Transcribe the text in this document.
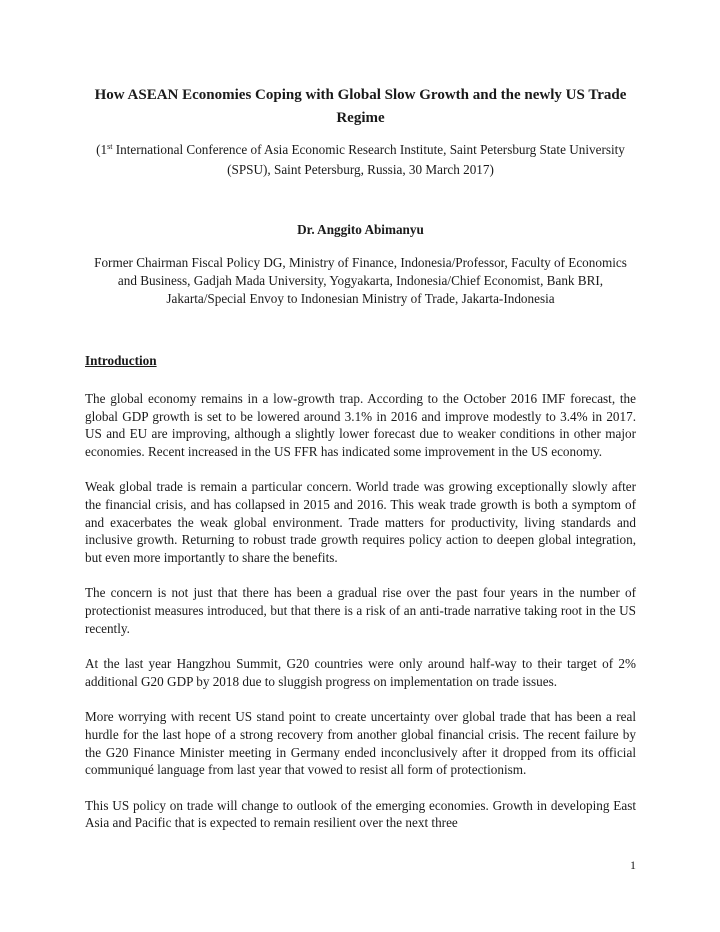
How ASEAN Economies Coping with Global Slow Growth and the newly US Trade Regime

(1st International Conference of Asia Economic Research Institute, Saint Petersburg State University (SPSU), Saint Petersburg, Russia, 30 March 2017)

Dr. Anggito Abimanyu

Former Chairman Fiscal Policy DG, Ministry of Finance, Indonesia/Professor, Faculty of Economics and Business, Gadjah Mada University, Yogyakarta, Indonesia/Chief Economist, Bank BRI, Jakarta/Special Envoy to Indonesian Ministry of Trade, Jakarta-Indonesia

Introduction

The global economy remains in a low-growth trap. According to the October 2016 IMF forecast, the global GDP growth is set to be lowered around 3.1% in 2016 and improve modestly to 3.4% in 2017. US and EU are improving, although a slightly lower forecast due to weaker conditions in other major economies. Recent increased in the US FFR has indicated some improvement in the US economy.

Weak global trade is remain a particular concern. World trade was growing exceptionally slowly after the financial crisis, and has collapsed in 2015 and 2016. This weak trade growth is both a symptom of and exacerbates the weak global environment. Trade matters for productivity, living standards and inclusive growth. Returning to robust trade growth requires policy action to deepen global integration, but even more importantly to share the benefits.

The concern is not just that there has been a gradual rise over the past four years in the number of protectionist measures introduced, but that there is a risk of an anti-trade narrative taking root in the US recently.

At the last year Hangzhou Summit, G20 countries were only around half-way to their target of 2% additional G20 GDP by 2018 due to sluggish progress on implementation on trade issues.

More worrying with recent US stand point to create uncertainty over global trade that has been a real hurdle for the last hope of a strong recovery from another global financial crisis. The recent failure by the G20 Finance Minister meeting in Germany ended inconclusively after it dropped from its official communiqué language from last year that vowed to resist all form of protectionism.

This US policy on trade will change to outlook of the emerging economies. Growth in developing East Asia and Pacific that is expected to remain resilient over the next three

1
